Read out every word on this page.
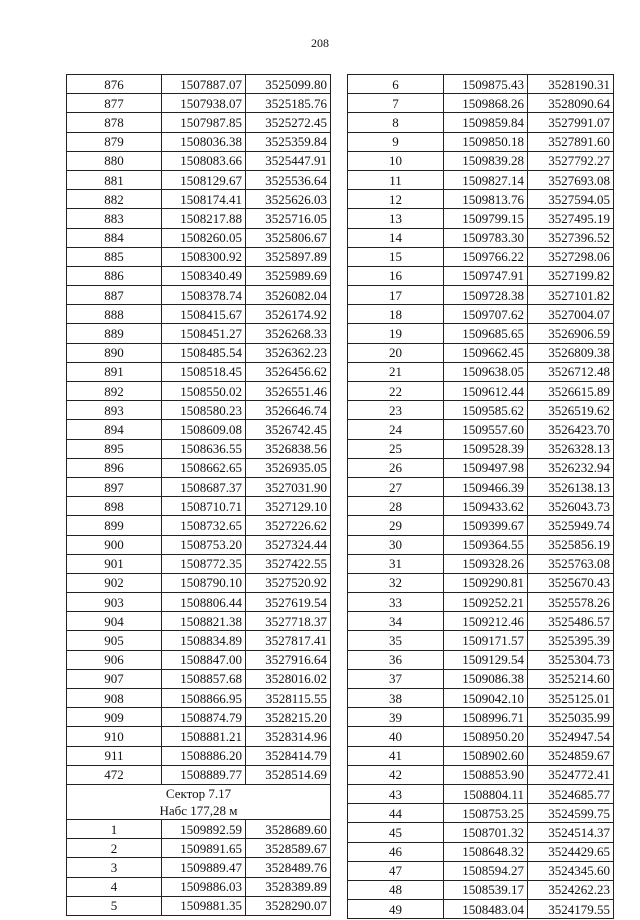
208
876	1507887.07	3525099.80
877	1507938.07	3525185.76
878	1507987.85	3525272.45
879	1508036.38	3525359.84
880	1508083.66	3525447.91
881	1508129.67	3525536.64
882	1508174.41	3525626.03
883	1508217.88	3525716.05
884	1508260.05	3525806.67
885	1508300.92	3525897.89
886	1508340.49	3525989.69
887	1508378.74	3526082.04
888	1508415.67	3526174.92
889	1508451.27	3526268.33
890	1508485.54	3526362.23
891	1508518.45	3526456.62
892	1508550.02	3526551.46
893	1508580.23	3526646.74
894	1508609.08	3526742.45
895	1508636.55	3526838.56
896	1508662.65	3526935.05
897	1508687.37	3527031.90
898	1508710.71	3527129.10
899	1508732.65	3527226.62
900	1508753.20	3527324.44
901	1508772.35	3527422.55
902	1508790.10	3527520.92
903	1508806.44	3527619.54
904	1508821.38	3527718.37
905	1508834.89	3527817.41
906	1508847.00	3527916.64
907	1508857.68	3528016.02
908	1508866.95	3528115.55
909	1508874.79	3528215.20
910	1508881.21	3528314.96
911	1508886.20	3528414.79
472	1508889.77	3528514.69

Сектор 7.17
Набс 177,28 м		

1	1509892.59	3528689.60
2	1509891.65	3528589.67
3	1509889.47	3528489.76
4	1509886.03	3528389.89
5	1509881.35	3528290.07
6	1509875.43	3528190.31
7	1509868.26	3528090.64
8	1509859.84	3527991.07
9	1509850.18	3527891.60
10	1509839.28	3527792.27
11	1509827.14	3527693.08
12	1509813.76	3527594.05
13	1509799.15	3527495.19
14	1509783.30	3527396.52
15	1509766.22	3527298.06
16	1509747.91	3527199.82
17	1509728.38	3527101.82
18	1509707.62	3527004.07
19	1509685.65	3526906.59
20	1509662.45	3526809.38
21	1509638.05	3526712.48
22	1509612.44	3526615.89
23	1509585.62	3526519.62
24	1509557.60	3526423.70
25	1509528.39	3526328.13
26	1509497.98	3526232.94
27	1509466.39	3526138.13
28	1509433.62	3526043.73
29	1509399.67	3525949.74
30	1509364.55	3525856.19
31	1509328.26	3525763.08
32	1509290.81	3525670.43
33	1509252.21	3525578.26
34	1509212.46	3525486.57
35	1509171.57	3525395.39
36	1509129.54	3525304.73
37	1509086.38	3525214.60
38	1509042.10	3525125.01
39	1508996.71	3525035.99
40	1508950.20	3524947.54
41	1508902.60	3524859.67
42	1508853.90	3524772.41
43	1508804.11	3524685.77
44	1508753.25	3524599.75
45	1508701.32	3524514.37
46	1508648.32	3524429.65
47	1508594.27	3524345.60
48	1508539.17	3524262.23
49	1508483.04	3524179.55
